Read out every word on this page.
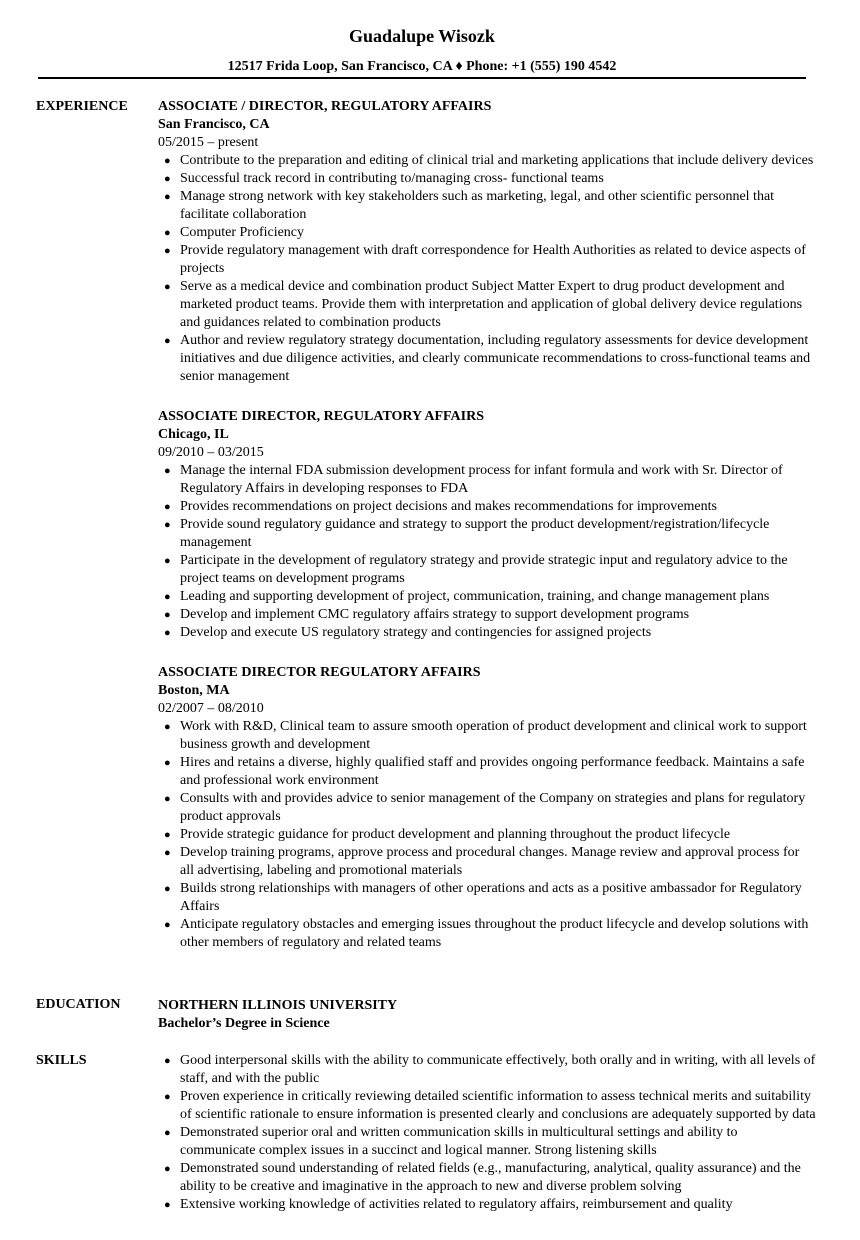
Guadalupe Wisozk
12517 Frida Loop, San Francisco, CA ♦ Phone: +1 (555) 190 4542
EXPERIENCE ASSOCIATE / DIRECTOR, REGULATORY AFFAIRS
San Francisco, CA
05/2015 – present
● Contribute to the preparation and editing of clinical trial and marketing applications that include delivery devices
● Successful track record in contributing to/managing cross- functional teams
● Manage strong network with key stakeholders such as marketing, legal, and other scientific personnel that facilitate collaboration
● Computer Proficiency
● Provide regulatory management with draft correspondence for Health Authorities as related to device aspects of projects
● Serve as a medical device and combination product Subject Matter Expert to drug product development and marketed product teams. Provide them with interpretation and application of global delivery device regulations and guidances related to combination products
● Author and review regulatory strategy documentation, including regulatory assessments for device development initiatives and due diligence activities, and clearly communicate recommendations to cross-functional teams and senior management
ASSOCIATE DIRECTOR, REGULATORY AFFAIRS
Chicago, IL
09/2010 – 03/2015
● Manage the internal FDA submission development process for infant formula and work with Sr. Director of Regulatory Affairs in developing responses to FDA
● Provides recommendations on project decisions and makes recommendations for improvements
● Provide sound regulatory guidance and strategy to support the product development/registration/lifecycle management
● Participate in the development of regulatory strategy and provide strategic input and regulatory advice to the project teams on development programs
● Leading and supporting development of project, communication, training, and change management plans
● Develop and implement CMC regulatory affairs strategy to support development programs
● Develop and execute US regulatory strategy and contingencies for assigned projects
ASSOCIATE DIRECTOR REGULATORY AFFAIRS
Boston, MA
02/2007 – 08/2010
● Work with R&D, Clinical team to assure smooth operation of product development and clinical work to support business growth and development
● Hires and retains a diverse, highly qualified staff and provides ongoing performance feedback. Maintains a safe and professional work environment
● Consults with and provides advice to senior management of the Company on strategies and plans for regulatory product approvals
● Provide strategic guidance for product development and planning throughout the product lifecycle
● Develop training programs, approve process and procedural changes. Manage review and approval process for all advertising, labeling and promotional materials
● Builds strong relationships with managers of other operations and acts as a positive ambassador for Regulatory Affairs
● Anticipate regulatory obstacles and emerging issues throughout the product lifecycle and develop solutions with other members of regulatory and related teams
EDUCATION	NORTHERN ILLINOIS UNIVERSITY
Bachelor’s Degree in Science
SKILLS	● Good interpersonal skills with the ability to communicate effectively, both orally and in writing, with all levels of staff, and with the public
● Proven experience in critically reviewing detailed scientific information to assess technical merits and suitability of scientific rationale to ensure information is presented clearly and conclusions are adequately supported by data
● Demonstrated superior oral and written communication skills in multicultural settings and ability to communicate complex issues in a succinct and logical manner. Strong listening skills
● Demonstrated sound understanding of related fields (e.g., manufacturing, analytical, quality assurance) and the ability to be creative and imaginative in the approach to new and diverse problem solving
● Extensive working knowledge of activities related to regulatory affairs, reimbursement and quality
